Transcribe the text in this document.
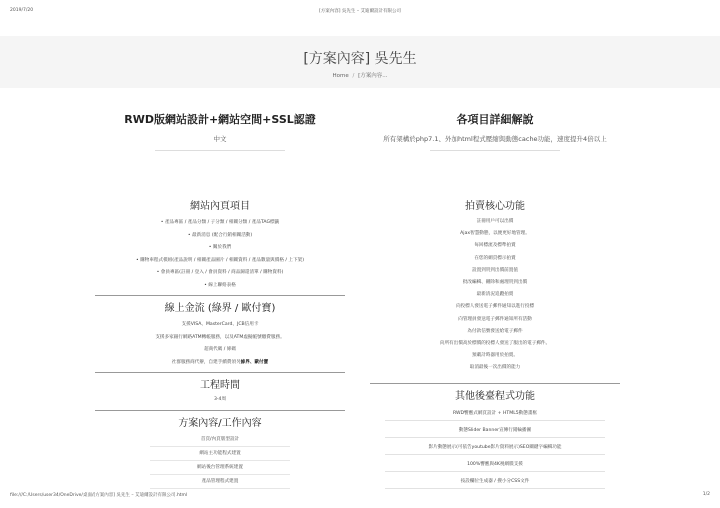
2019/7/20	[方案內容] 吳先生 – 艾迪爾設計有限公司
[方案內容] 吳先生
Home / [方案內容...
RWD版網站設計+網站空間+SSL認證
中文
各項目詳細解說
所有架構於php7.1、外加html程式壓縮與動態cache功能，速度提升4倍以上
網站內頁項目
• 產品專區 / 產品分類 / 子分類 / 相關分類 / 產品TAG標籤
• 最新消息 (配合行銷相關活動)
• 關於我們
• 購物車程式模組(產品說明 / 相關產品圖片 / 相關資料 / 產品數量與價格 / 上下架)
• 會員專區(註冊 / 登入 / 會員資料 / 商品歸還清單 / 購物資料)
• 線上聯絡表格
線上金流 (綠界 / 歐付寶)
支援VISA、MasterCard、JCB信用卡
支援多家銀行網路ATM轉帳服務，以及ATM虛擬帳號繳費服務。
超商代碼 / 條碼
社群服務商代辦，自建手續費須另綠界、歐付寶
工程時間
3-4周
方案內容/工作內容
首頁/內頁版型設計
網站主功能程式建置
網站後台管理系統建置
產品管理程式建置
拍賣核心功能
註冊用戶可以出價
Ajax智慧動態，以便更好地管理。
每回標流及標準拍賣
在您的網頁標示拍賣
設置到買到出價前置值
批改編輯、刪除和處理買到出價
最新清況追蹤拍賣
向投標人發送電子郵件通知以進行投標
向管理員發送電子郵件通知所有活動
為付款信號發送給電子郵件
向所有出價高於標價的投標人發送了服出的電子郵件。
預載計時器用於拍賣。
取消最後一次出價的能力
其他後臺程式功能
RWD響應式網頁設計 + HTML5動態畫框
動態Slider Banner宣傳行銷輪播圖
影片動態展示(可依告youtube影片資料展示)SEO關鍵字編輯功能
100%響應與4K視網膜支援
按設欄位生成器 / 搜小分CSS文件
file:///C:/Users/user34/OneDrive/桌面/[方案內容] 吳先生 – 艾迪爾設計有限公司.html	1/2
